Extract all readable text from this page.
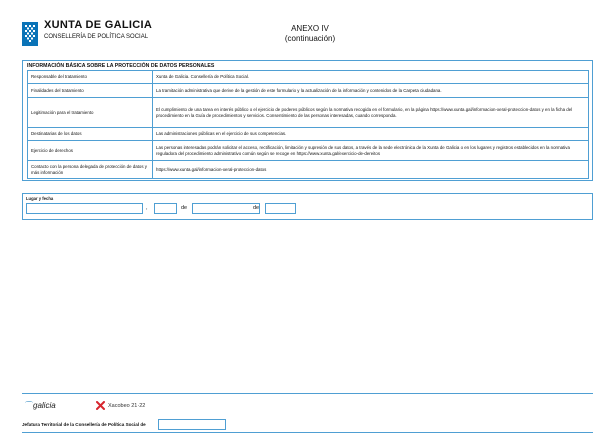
XUNTA DE GALICIA
CONSELLERÍA DE POLÍTICA SOCIAL
ANEXO IV
(continuación)
INFORMACIÓN BÁSICA SOBRE LA PROTECCIÓN DE DATOS PERSONALES
Responsable del tratamiento	Xunta de Galicia. Consellería de Política Social.
Finalidades del tratamiento	La tramitación administrativa que derive de la gestión de este formulario y la actualización de la información y contenidos de la Carpeta ciudadana.
Legitimación para el tratamiento	El cumplimiento de una tarea en interés público o el ejercicio de poderes públicos según la normativa recogida en el formulario, en la página https://www.xunta.gal/informacion-xeral-proteccion-datos y en la ficha del procedimiento en la Guía de procedimientos y servicios. Consentimiento de las personas interesadas, cuando corresponda.
Destinatarias de los datos	Las administraciones públicas en el ejercicio de sus competencias.
Ejercicio de derechos	Las personas interesadas podrán solicitar el acceso, rectificación, limitación y supresión de sus datos, a través de la sede electrónica de la Xunta de Galicia o en los lugares y registros establecidos en la normativa reguladora del procedimiento administrativo común según se recoge en https://www.xunta.gal/exercicio-de-dereitos
Contacto con la persona delegada de protección de datos y más información	https://www.xunta.gal/informacion-xeral-proteccion-datos
Lugar y fecha
,	de	de
⌒galicia	Xacobeo 21·22
Jefatura Territorial de la Consellería de Política Social de
